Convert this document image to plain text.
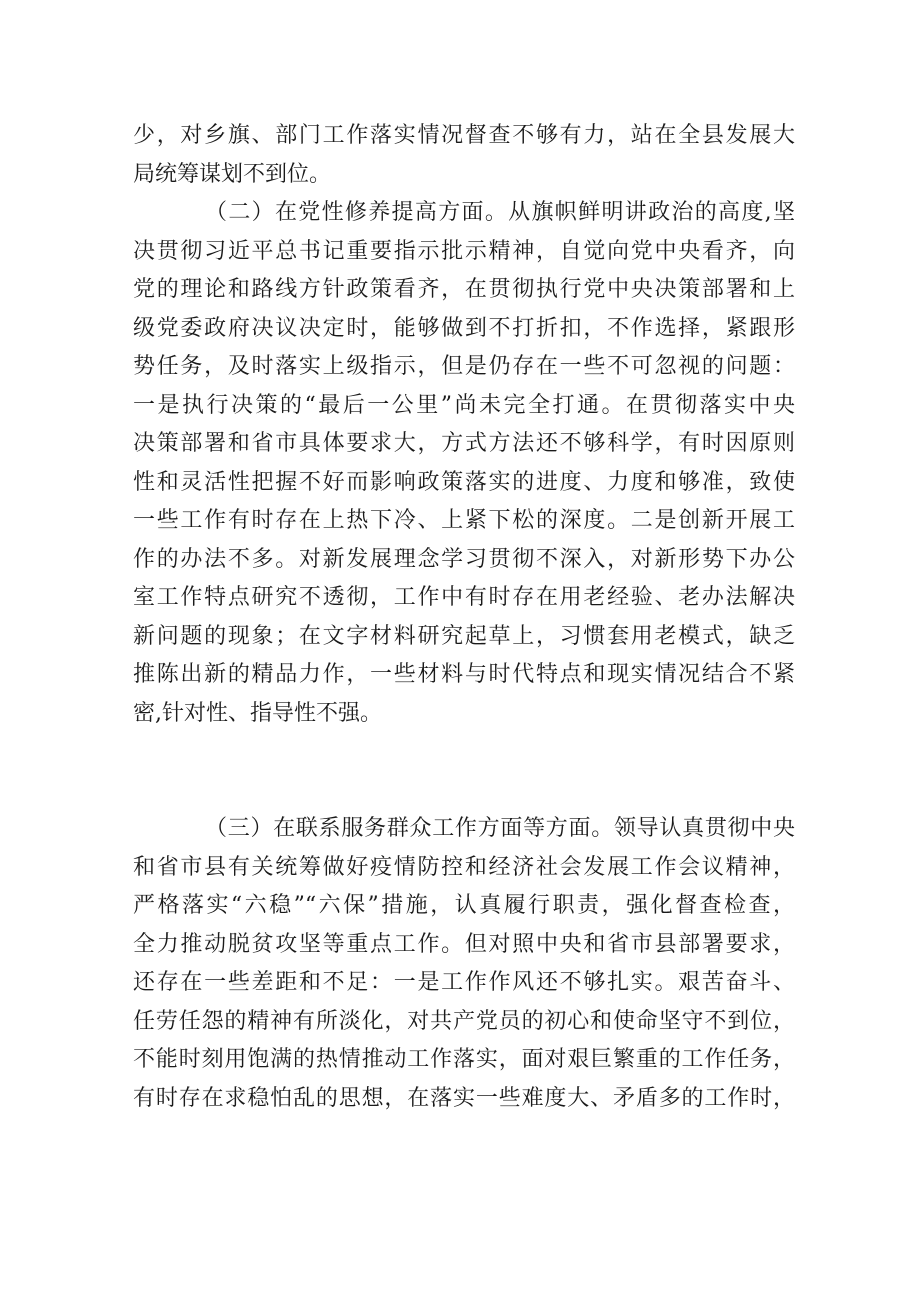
少，对乡旗、部门工作落实情况督查不够有力，站在全县发展大
局统筹谋划不到位。
（二）在党性修养提高方面。从旗帜鲜明讲政治的高度,坚
决贯彻习近平总书记重要指示批示精神，自觉向党中央看齐，向
党的理论和路线方针政策看齐，在贯彻执行党中央决策部署和上
级党委政府决议决定时，能够做到不打折扣，不作选择，紧跟形
势任务，及时落实上级指示，但是仍存在一些不可忽视的问题：
一是执行决策的“最后一公里”尚未完全打通。在贯彻落实中央
决策部署和省市具体要求大，方式方法还不够科学，有时因原则
性和灵活性把握不好而影响政策落实的进度、力度和够准，致使
一些工作有时存在上热下冷、上紧下松的深度。二是创新开展工
作的办法不多。对新发展理念学习贯彻不深入，对新形势下办公
室工作特点研究不透彻，工作中有时存在用老经验、老办法解决
新问题的现象；在文字材料研究起草上，习惯套用老模式，缺乏
推陈出新的精品力作，一些材料与时代特点和现实情况结合不紧
密,针对性、指导性不强。
（三）在联系服务群众工作方面等方面。领导认真贯彻中央
和省市县有关统筹做好疫情防控和经济社会发展工作会议精神，
严格落实“六稳”“六保”措施，认真履行职责，强化督查检查，
全力推动脱贫攻坚等重点工作。但对照中央和省市县部署要求，
还存在一些差距和不足：一是工作作风还不够扎实。艰苦奋斗、
任劳任怨的精神有所淡化，对共产党员的初心和使命坚守不到位，
不能时刻用饱满的热情推动工作落实，面对艰巨繁重的工作任务，
有时存在求稳怕乱的思想，在落实一些难度大、矛盾多的工作时，
